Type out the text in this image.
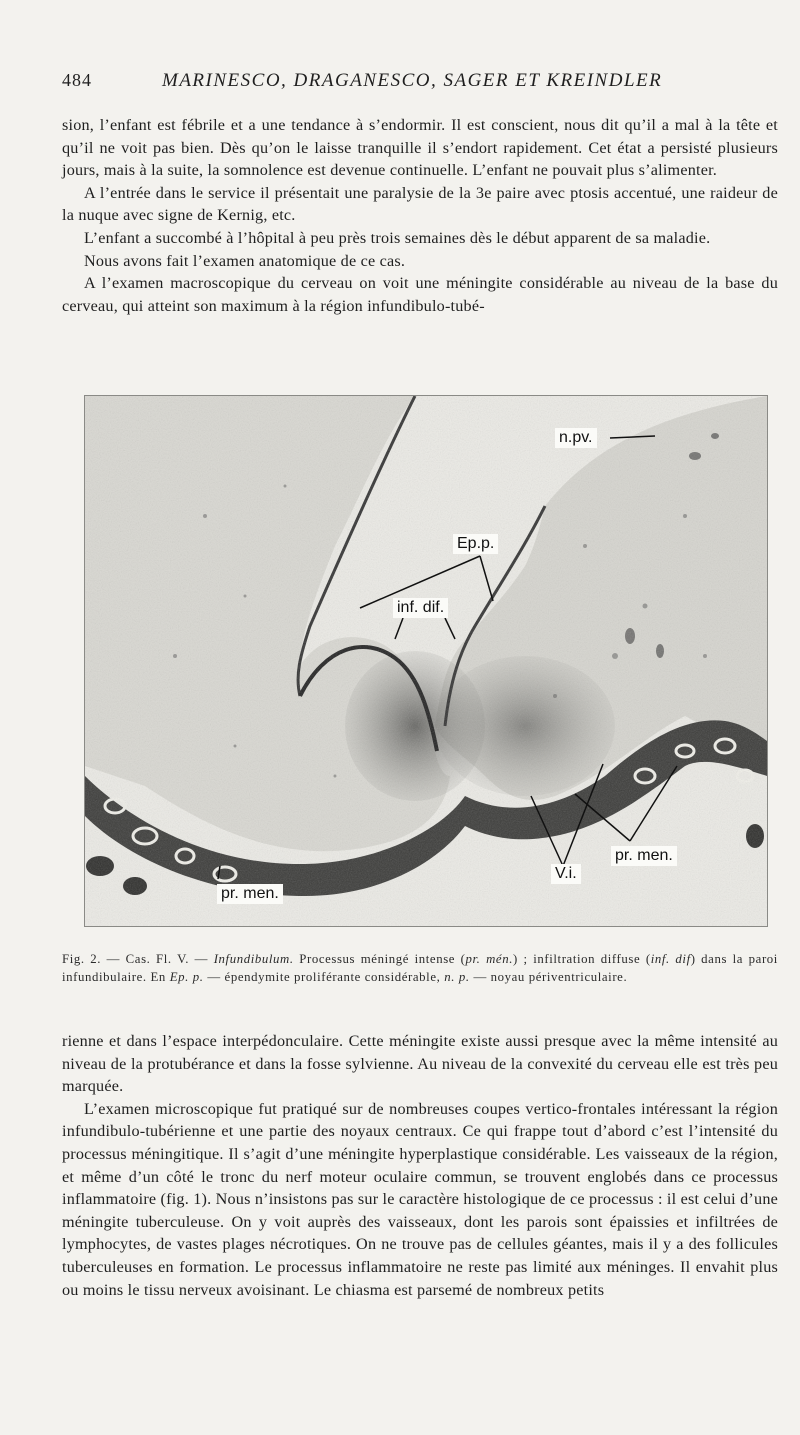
484	MARINESCO, DRAGANESCO, SAGER ET KREINDLER

sion, l’enfant est fébrile et a une tendance à s’endormir. Il est conscient, nous dit qu’il a mal à la tête et qu’il ne voit pas bien. Dès qu’on le laisse tranquille il s’endort rapidement. Cet état a persisté plusieurs jours, mais à la suite, la somnolence est devenue continuelle. L’enfant ne pouvait plus s’alimenter.

A l’entrée dans le service il présentait une paralysie de la 3e paire avec ptosis accentué, une raideur de la nuque avec signe de Kernig, etc.

L’enfant a succombé à l’hôpital à peu près trois semaines dès le début apparent de sa maladie.

Nous avons fait l’examen anatomique de ce cas.

A l’examen macroscopique du cerveau on voit une méningite considérable au niveau de la base du cerveau, qui atteint son maximum à la région infundibulo-tubé-

n.pv.
Ep.p.
inf. dif.
pr. men.
V.i.
pr. men.
Fig. 2. — Cas. Fl. V. — Infundibulum. Processus méningé intense (pr. mén.) ; infiltration diffuse (inf. dif) dans la paroi infundibulaire. En Ep. p. — épendymite proliférante considérable, n. p. — noyau périventriculaire.

rienne et dans l’espace interpédonculaire. Cette méningite existe aussi presque avec la même intensité au niveau de la protubérance et dans la fosse sylvienne. Au niveau de la convexité du cerveau elle est très peu marquée.

L’examen microscopique fut pratiqué sur de nombreuses coupes vertico-frontales intéressant la région infundibulo-tubérienne et une partie des noyaux centraux. Ce qui frappe tout d’abord c’est l’intensité du processus méningitique. Il s’agit d’une méningite hyperplastique considérable. Les vaisseaux de la région, et même d’un côté le tronc du nerf moteur oculaire commun, se trouvent englobés dans ce processus inflammatoire (fig. 1). Nous n’insistons pas sur le caractère histologique de ce processus : il est celui d’une méningite tuberculeuse. On y voit auprès des vaisseaux, dont les parois sont épaissies et infiltrées de lymphocytes, de vastes plages nécrotiques. On ne trouve pas de cellules géantes, mais il y a des follicules tuberculeuses en formation. Le processus inflammatoire ne reste pas limité aux méninges. Il envahit plus ou moins le tissu nerveux avoisinant. Le chiasma est parsemé de nombreux petits
